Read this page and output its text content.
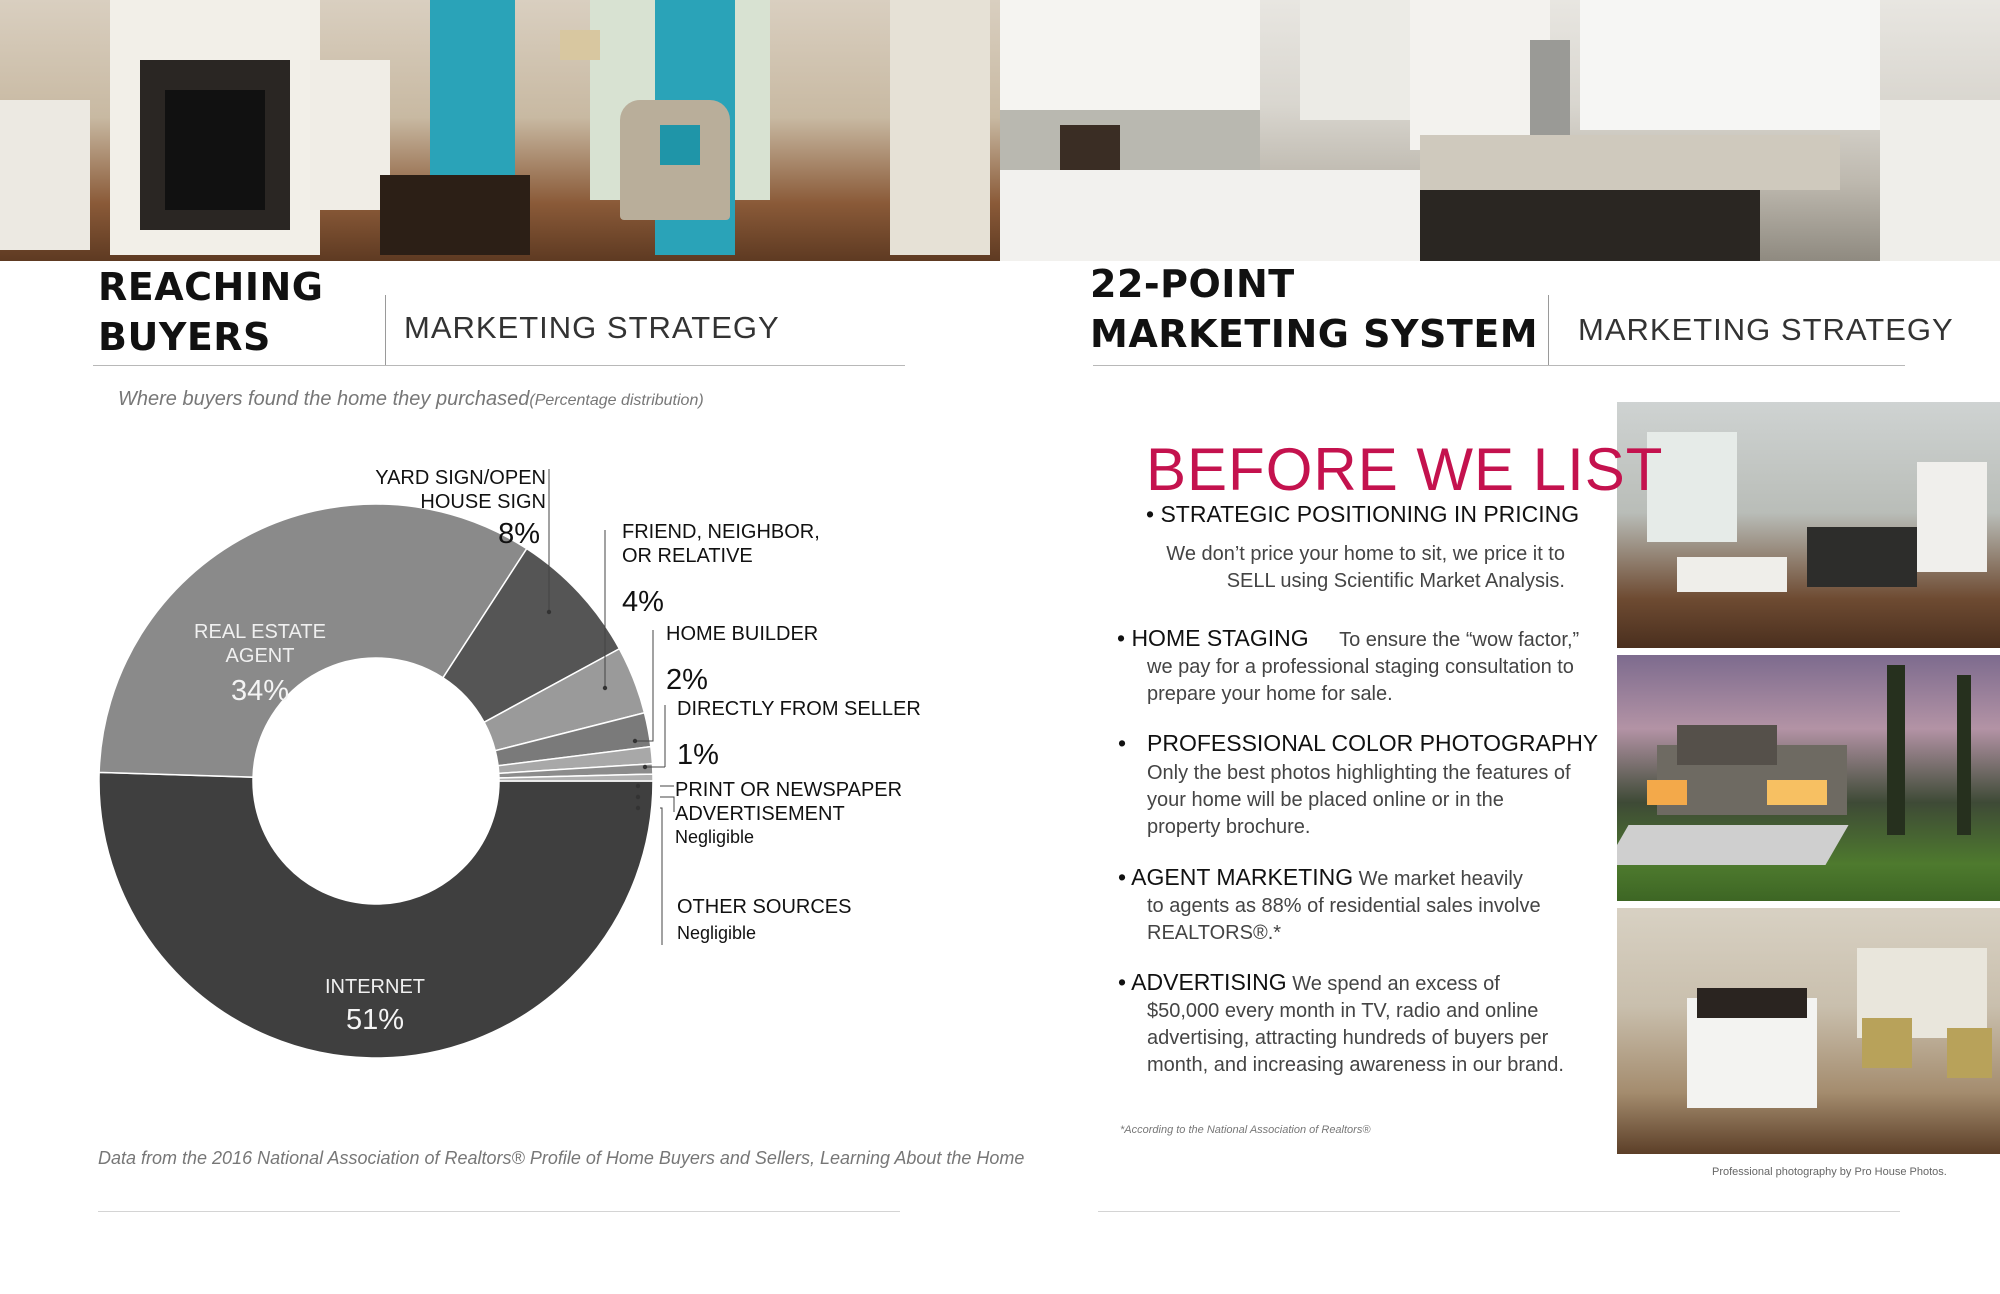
REACHING
BUYERS	MARKETING STRATEGY
Where buyers found the home they purchased(Percentage distribution)
REAL ESTATE
AGENT
34%
INTERNET
51%
YARD SIGN/OPEN
HOUSE SIGN
8%	FRIEND, NEIGHBOR,
OR RELATIVE
4%
HOME BUILDER
2%
DIRECTLY FROM SELLER
1%
PRINT OR NEWSPAPER
ADVERTISEMENT
Negligible
OTHER SOURCES
Negligible
Data from the 2016 National Association of Realtors® Profile of Home Buyers and Sellers, Learning About the Home
22-POINT
MARKETING SYSTEM MARKETING STRATEGY
BEFORE WE LIST
• STRATEGIC POSITIONING IN PRICING
We don’t price your home to sit, we price it to
SELL using Scientific Market Analysis.
• HOME STAGING To ensure the “wow factor,”
we pay for a professional staging consultation to
prepare your home for sale.
• PROFESSIONAL COLOR PHOTOGRAPHY
Only the best photos highlighting the features of
your home will be placed online or in the
property brochure.
• AGENT MARKETING We market heavily
to agents as 88% of residential sales involve
REALTORS®.*
• ADVERTISING We spend an excess of
$50,000 every month in TV, radio and online
advertising, attracting hundreds of buyers per
month, and increasing awareness in our brand.
*According to the National Association of Realtors®
Professional photography by Pro House Photos.
